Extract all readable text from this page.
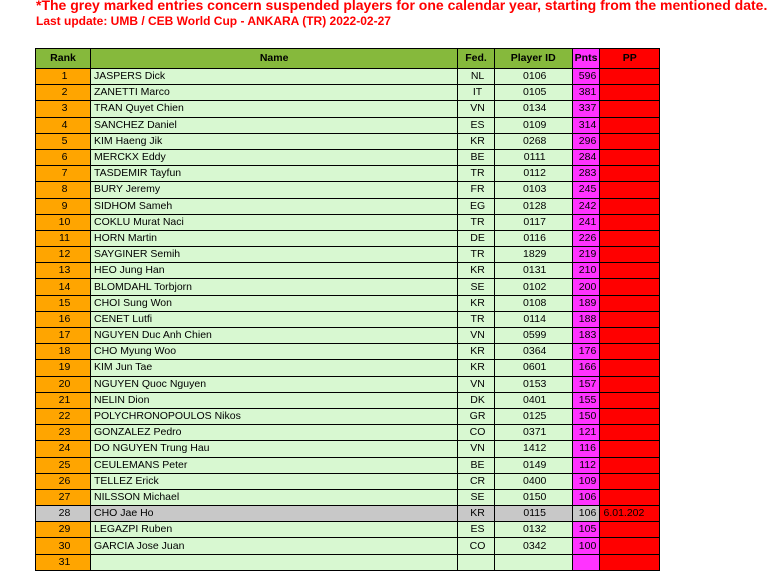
*The grey marked entries concern suspended players for one calendar year, starting from the mentioned date.
Last update: UMB / CEB World Cup - ANKARA (TR) 2022-02-27
Rank	Name	Fed.	Player ID	Pnts	PP
1	JASPERS Dick	NL	0106	596	
2	ZANETTI Marco	IT	0105	381	
3	TRAN Quyet Chien	VN	0134	337	
4	SANCHEZ Daniel	ES	0109	314	
5	KIM Haeng Jik	KR	0268	296	
6	MERCKX Eddy	BE	0111	284	
7	TASDEMIR Tayfun	TR	0112	283	
8	BURY Jeremy	FR	0103	245	
9	SIDHOM Sameh	EG	0128	242	
10	COKLU Murat Naci	TR	0117	241	
11	HORN Martin	DE	0116	226	
12	SAYGINER Semih	TR	1829	219	
13	HEO Jung Han	KR	0131	210	
14	BLOMDAHL Torbjorn	SE	0102	200	
15	CHOI Sung Won	KR	0108	189	
16	CENET Lutfi	TR	0114	188	
17	NGUYEN Duc Anh Chien	VN	0599	183	
18	CHO Myung Woo	KR	0364	176	
19	KIM Jun Tae	KR	0601	166	
20	NGUYEN Quoc Nguyen	VN	0153	157	
21	NELIN Dion	DK	0401	155	
22	POLYCHRONOPOULOS Nikos	GR	0125	150	
23	GONZALEZ Pedro	CO	0371	121	
24	DO NGUYEN Trung Hau	VN	1412	116	
25	CEULEMANS Peter	BE	0149	112	
26	TELLEZ Erick	CR	0400	109	
27	NILSSON Michael	SE	0150	106	
28	CHO Jae Ho	KR	0115	106	6.01.202
29	LEGAZPI Ruben	ES	0132	105	
30	GARCIA Jose Juan	CO	0342	100	
31					
